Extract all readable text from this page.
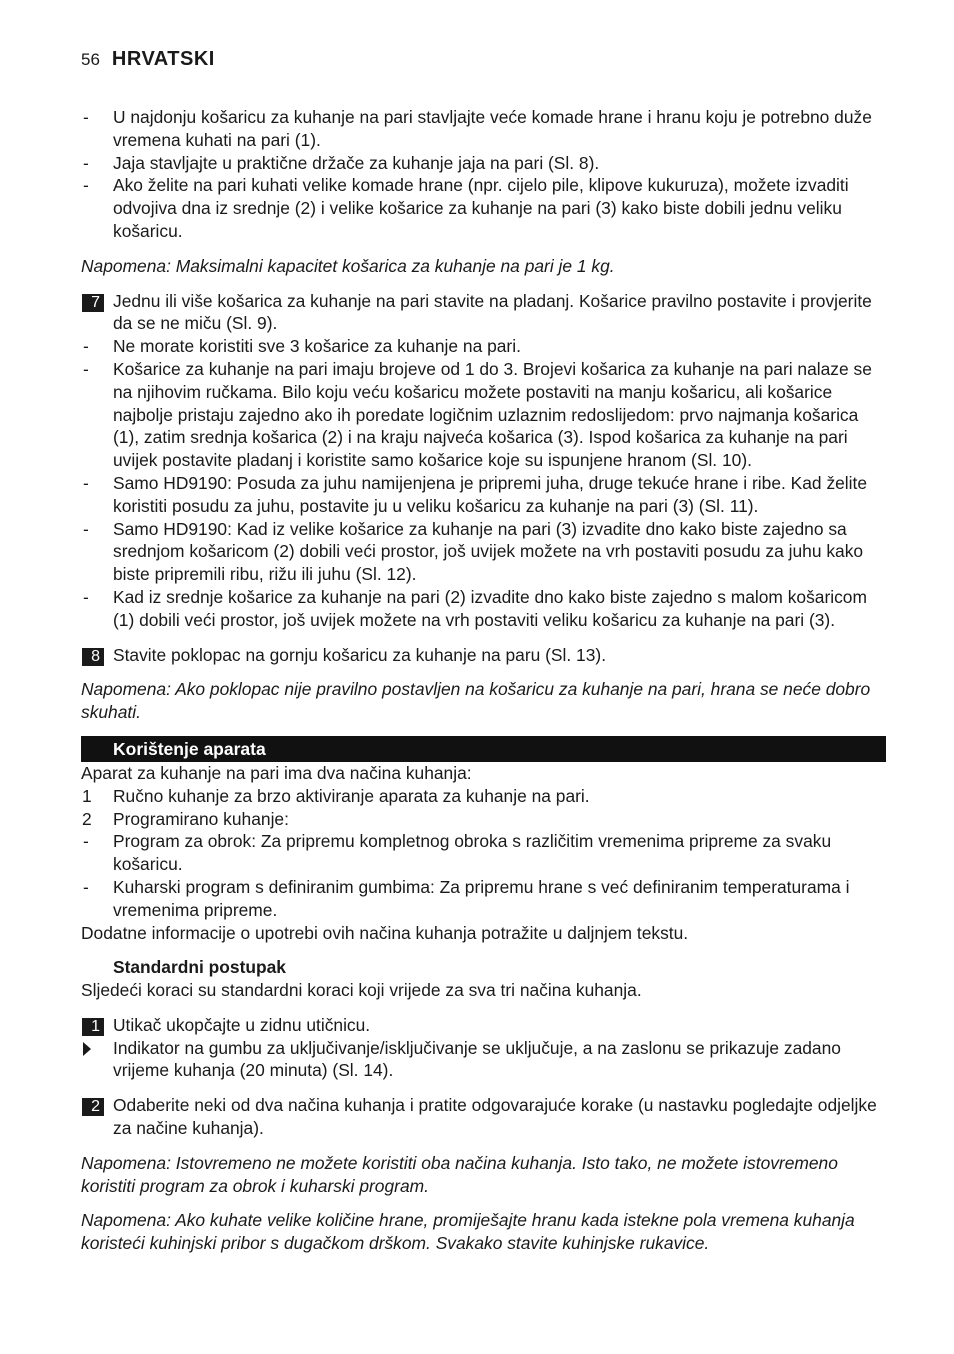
56 HRVATSKI
-	U najdonju košaricu za kuhanje na pari stavljajte veće komade hrane i hranu koju je potrebno duže vremena kuhati na pari (1).

-	Jaja stavljajte u praktične držače za kuhanje jaja na pari (Sl. 8).

-	Ako želite na pari kuhati velike komade hrane (npr. cijelo pile, klipove kukuruza), možete izvaditi odvojiva dna iz srednje (2) i velike košarice za kuhanje na pari (3) kako biste dobili jednu veliku košaricu.

Napomena: Maksimalni kapacitet košarica za kuhanje na pari je 1 kg.

7 Jednu ili više košarica za kuhanje na pari stavite na pladanj. Košarice pravilno postavite i provjerite da se ne miču (Sl. 9).

-	Ne morate koristiti sve 3 košarice za kuhanje na pari.

-	Košarice za kuhanje na pari imaju brojeve od 1 do 3. Brojevi košarica za kuhanje na pari nalaze se na njihovim ručkama. Bilo koju veću košaricu možete postaviti na manju košaricu, ali košarice najbolje pristaju zajedno ako ih poredate logičnim uzlaznim redoslijedom: prvo najmanja košarica (1), zatim srednja košarica (2) i na kraju najveća košarica (3). Ispod košarica za kuhanje na pari uvijek postavite pladanj i koristite samo košarice koje su ispunjene hranom (Sl. 10).

-	Samo HD9190: Posuda za juhu namijenjena je pripremi juha, druge tekuće hrane i ribe. Kad želite koristiti posudu za juhu, postavite ju u veliku košaricu za kuhanje na pari (3) (Sl. 11).

-	Samo HD9190: Kad iz velike košarice za kuhanje na pari (3) izvadite dno kako biste zajedno sa srednjom košaricom (2) dobili veći prostor, još uvijek možete na vrh postaviti posudu za juhu kako biste pripremili ribu, rižu ili juhu (Sl. 12).

-	Kad iz srednje košarice za kuhanje na pari (2) izvadite dno kako biste zajedno s malom košaricom (1) dobili veći prostor, još uvijek možete na vrh postaviti veliku košaricu za kuhanje na pari (3).

8 Stavite poklopac na gornju košaricu za kuhanje na paru (Sl. 13).

Napomena: Ako poklopac nije pravilno postavljen na košaricu za kuhanje na pari, hrana se neće dobro skuhati.

Korištenje aparata

Aparat za kuhanje na pari ima dva načina kuhanja:

1	Ručno kuhanje za brzo aktiviranje aparata za kuhanje na pari.

2	Programirano kuhanje:

-	Program za obrok: Za pripremu kompletnog obroka s različitim vremenima pripreme za svaku košaricu.

-	Kuharski program s definiranim gumbima: Za pripremu hrane s već definiranim temperaturama i vremenima pripreme.

Dodatne informacije o upotrebi ovih načina kuhanja potražite u daljnjem tekstu.

Standardni postupak

Sljedeći koraci su standardni koraci koji vrijede za sva tri načina kuhanja.

1 Utikač ukopčajte u zidnu utičnicu.

Indikator na gumbu za uključivanje/isključivanje se uključuje, a na zaslonu se prikazuje zadano vrijeme kuhanja (20 minuta) (Sl. 14).

2 Odaberite neki od dva načina kuhanja i pratite odgovarajuće korake (u nastavku pogledajte odjeljke za načine kuhanja).

Napomena: Istovremeno ne možete koristiti oba načina kuhanja. Isto tako, ne možete istovremeno koristiti program za obrok i kuharski program.

Napomena: Ako kuhate velike količine hrane, promiješajte hranu kada istekne pola vremena kuhanja koristeći kuhinjski pribor s dugačkom drškom. Svakako stavite kuhinjske rukavice.
